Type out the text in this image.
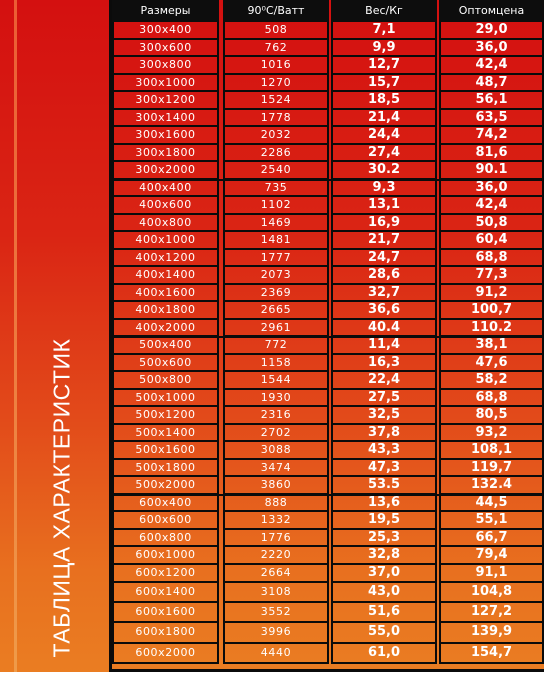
ТАБЛИЦА ХАРАКТЕРИСТИК
Размеры	90⁰С/Ватт	Вес/Кг	Оптомцена
300x400	508	7,1	29,0
300x600	762	9,9	36,0
300x800	1016	12,7	42,4
300x1000	1270	15,7	48,7
300x1200	1524	18,5	56,1
300x1400	1778	21,4	63,5
300x1600	2032	24,4	74,2
300x1800	2286	27,4	81,6
300x2000	2540	30.2	90.1
400x400	735	9,3	36,0
400x600	1102	13,1	42,4
400x800	1469	16,9	50,8
400x1000	1481	21,7	60,4
400x1200	1777	24,7	68,8
400x1400	2073	28,6	77,3
400x1600	2369	32,7	91,2
400x1800	2665	36,6	100,7
400x2000	2961	40.4	110.2
500x400	772	11,4	38,1
500x600	1158	16,3	47,6
500x800	1544	22,4	58,2
500x1000	1930	27,5	68,8
500x1200	2316	32,5	80,5
500x1400	2702	37,8	93,2
500x1600	3088	43,3	108,1
500x1800	3474	47,3	119,7
500x2000	3860	53.5	132.4
600x400	888	13,6	44,5
600x600	1332	19,5	55,1
600x800	1776	25,3	66,7
600x1000	2220	32,8	79,4
600x1200	2664	37,0	91,1
600x1400	3108	43,0	104,8
600x1600	3552	51,6	127,2
600x1800	3996	55,0	139,9
600x2000	4440	61,0	154,7
